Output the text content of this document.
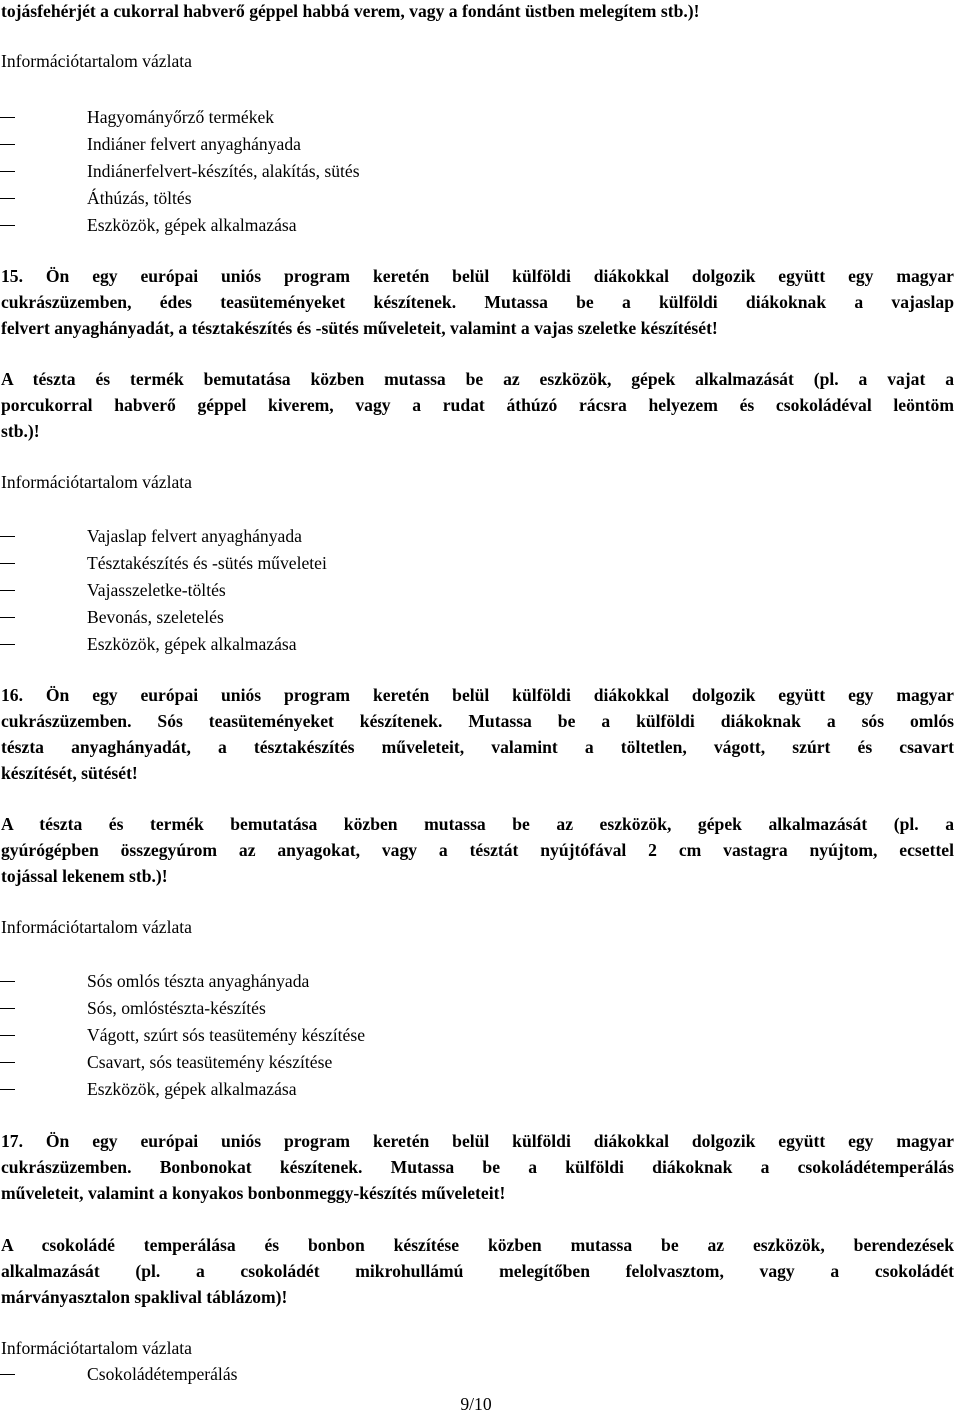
tojásfehérjét a cukorral habverő géppel habbá verem, vagy a fondánt üstben melegítem stb.)!
Információtartalom vázlata
Hagyományőrző termékek
Indiáner felvert anyaghányada
Indiánerfelvert-készítés, alakítás, sütés
Áthúzás, töltés
Eszközök, gépek alkalmazása
15. Ön egy európai uniós program keretén belül külföldi diákokkal dolgozik együtt egy magyar
cukrászüzemben, édes teasüteményeket készítenek. Mutassa be a külföldi diákoknak a vajaslap
felvert anyaghányadát, a tésztakészítés és -sütés műveleteit, valamint a vajas szeletke készítését!
A tészta és termék bemutatása közben mutassa be az eszközök, gépek alkalmazását (pl. a vajat a
porcukorral habverő géppel kiverem, vagy a rudat áthúzó rácsra helyezem és csokoládéval leöntöm
stb.)!
Információtartalom vázlata
Vajaslap felvert anyaghányada
Tésztakészítés és -sütés műveletei
Vajasszeletke-töltés
Bevonás, szeletelés
Eszközök, gépek alkalmazása
16. Ön egy európai uniós program keretén belül külföldi diákokkal dolgozik együtt egy magyar
cukrászüzemben. Sós teasüteményeket készítenek. Mutassa be a külföldi diákoknak a sós omlós
tészta anyaghányadát, a tésztakészítés műveleteit, valamint a töltetlen, vágott, szúrt és csavart
készítését, sütését!
A tészta és termék bemutatása közben mutassa be az eszközök, gépek alkalmazását (pl. a
gyúrógépben összegyúrom az anyagokat, vagy a tésztát nyújtófával 2 cm vastagra nyújtom, ecsettel
tojással lekenem stb.)!
Információtartalom vázlata
Sós omlós tészta anyaghányada
Sós, omlóstészta-készítés
Vágott, szúrt sós teasütemény készítése
Csavart, sós teasütemény készítése
Eszközök, gépek alkalmazása
17. Ön egy európai uniós program keretén belül külföldi diákokkal dolgozik együtt egy magyar
cukrászüzemben. Bonbonokat készítenek. Mutassa be a külföldi diákoknak a csokoládétemperálás
műveleteit, valamint a konyakos bonbonmeggy-készítés műveleteit!
A csokoládé temperálása és bonbon készítése közben mutassa be az eszközök, berendezések
alkalmazását (pl. a csokoládét mikrohullámú melegítőben felolvasztom, vagy a csokoládét
márványasztalon spaklival táblázom)!
Információtartalom vázlata
Csokoládétemperálás
9/10
